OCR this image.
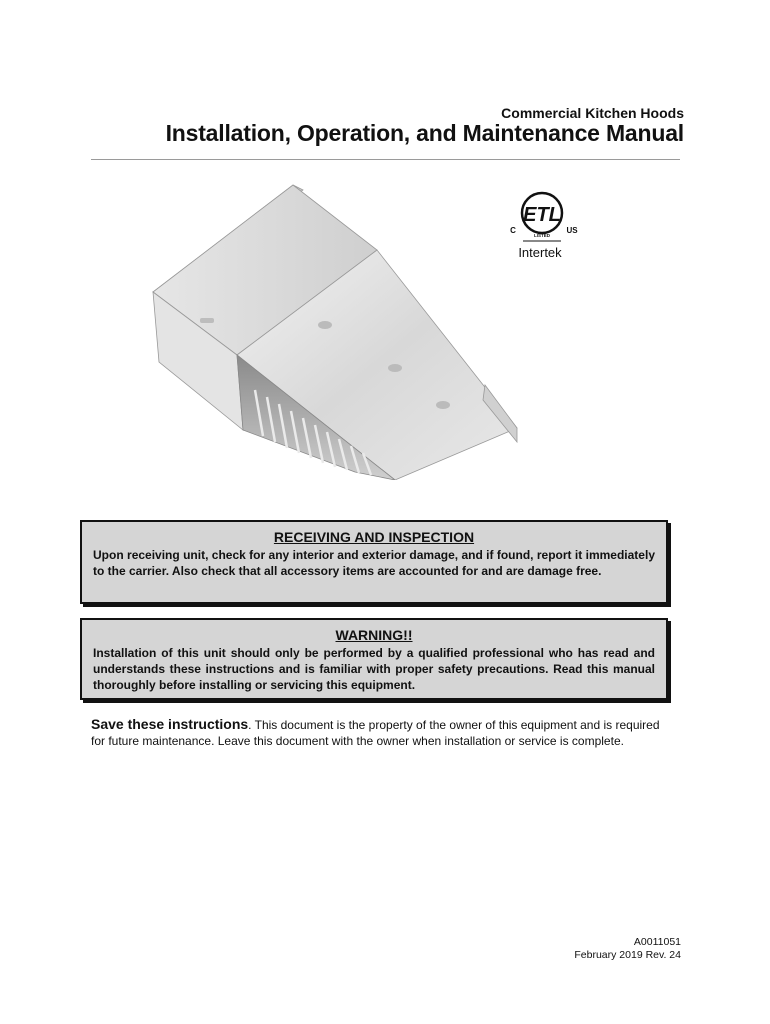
Commercial Kitchen Hoods
Installation, Operation, and Maintenance Manual
ETL
LISTED
C	US
Intertek
RECEIVING AND INSPECTION
Upon receiving unit, check for any interior and exterior damage, and if found, report it immediately to the carrier. Also check that all accessory items are accounted for and are damage free.
WARNING!!
Installation of this unit should only be performed by a qualified professional who has read and understands these instructions and is familiar with proper safety precautions. Read this manual thoroughly before installing or servicing this equipment.
Save these instructions. This document is the property of the owner of this equipment and is required for future maintenance. Leave this document with the owner when installation or service is complete.
A0011051
February 2019 Rev. 24
